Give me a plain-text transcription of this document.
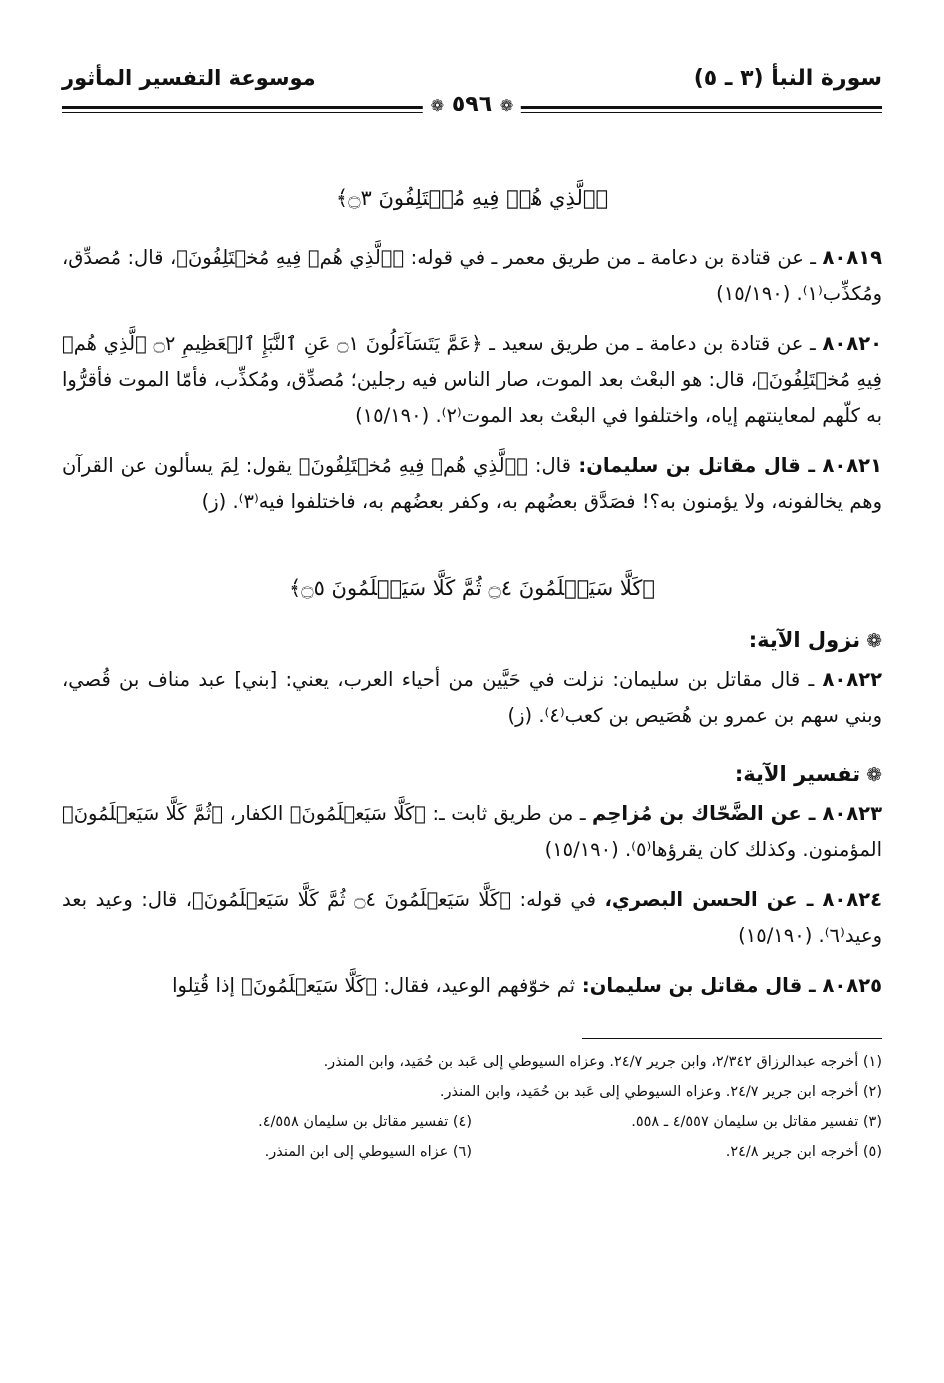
سورة النبأ (٣ ـ ٥)
موسوعة التفسير المأثور
❁ ٥٩٦ ❁
﴿ٱلَّذِي هُمۡ فِيهِ مُخۡتَلِفُونَ ۝٣﴾

٨٠٨١٩ ـ عن قتادة بن دعامة ـ من طريق معمر ـ في قوله: ﴿ٱلَّذِي هُمۡ فِيهِ مُخۡتَلِفُونَ﴾، قال: مُصدِّق، ومُكذِّب⁽١⁾. (١٥/١٩٠)

٨٠٨٢٠ ـ عن قتادة بن دعامة ـ من طريق سعيد ـ ﴿عَمَّ يَتَسَآءَلُونَ ۝١ عَنِ ٱلنَّبَإِ ٱلۡعَظِيمِ ۝٢ ٱلَّذِي هُمۡ فِيهِ مُخۡتَلِفُونَ﴾، قال: هو البعْث بعد الموت، صار الناس فيه رجلين؛ مُصدِّق، ومُكذِّب، فأمّا الموت فأقرُّوا به كلّهم لمعاينتهم إياه، واختلفوا في البعْث بعد الموت⁽٢⁾. (١٥/١٩٠)

٨٠٨٢١ ـ قال مقاتل بن سليمان: قال: ﴿ٱلَّذِي هُمۡ فِيهِ مُخۡتَلِفُونَ﴾ يقول: لِمَ يسألون عن القرآن وهم يخالفونه، ولا يؤمنون به؟! فصَدَّق بعضُهم به، وكفر بعضُهم به، فاختلفوا فيه⁽٣⁾. (ز)

﴿كَلَّا سَيَعۡلَمُونَ ۝٤ ثُمَّ كَلَّا سَيَعۡلَمُونَ ۝٥﴾
❁نزول الآية:

٨٠٨٢٢ ـ قال مقاتل بن سليمان: نزلت في حَيَّين من أحياء العرب، يعني: [بني] عبد مناف بن قُصي، وبني سهم بن عمرو بن هُصَيص بن كعب⁽٤⁾. (ز)

❁تفسير الآية:

٨٠٨٢٣ ـ عن الضَّحّاك بن مُزاحِم ـ من طريق ثابت ـ: ﴿كَلَّا سَيَعۡلَمُونَ﴾ الكفار، ﴿ثُمَّ كَلَّا سَيَعۡلَمُونَ﴾ المؤمنون. وكذلك كان يقرؤها⁽٥⁾. (١٥/١٩٠)

٨٠٨٢٤ ـ عن الحسن البصري، في قوله: ﴿كَلَّا سَيَعۡلَمُونَ ۝٤ ثُمَّ كَلَّا سَيَعۡلَمُونَ﴾، قال: وعيد بعد وعيد⁽٦⁾. (١٥/١٩٠)

٨٠٨٢٥ ـ قال مقاتل بن سليمان: ثم خوّفهم الوعيد، فقال: ﴿كَلَّا سَيَعۡلَمُونَ﴾ إذا قُتِلوا

(١) أخرجه عبدالرزاق ٢/٣٤٢، وابن جرير ٢٤/٧. وعزاه السيوطي إلى عَبد بن حُمَيد، وابن المنذر.
(٢) أخرجه ابن جرير ٢٤/٧. وعزاه السيوطي إلى عَبد بن حُمَيد، وابن المنذر.
(٣) تفسير مقاتل بن سليمان ٤/٥٥٧ ـ ٥٥٨.
(٤) تفسير مقاتل بن سليمان ٤/٥٥٨.
(٥) أخرجه ابن جرير ٢٤/٨.
(٦) عزاه السيوطي إلى ابن المنذر.
